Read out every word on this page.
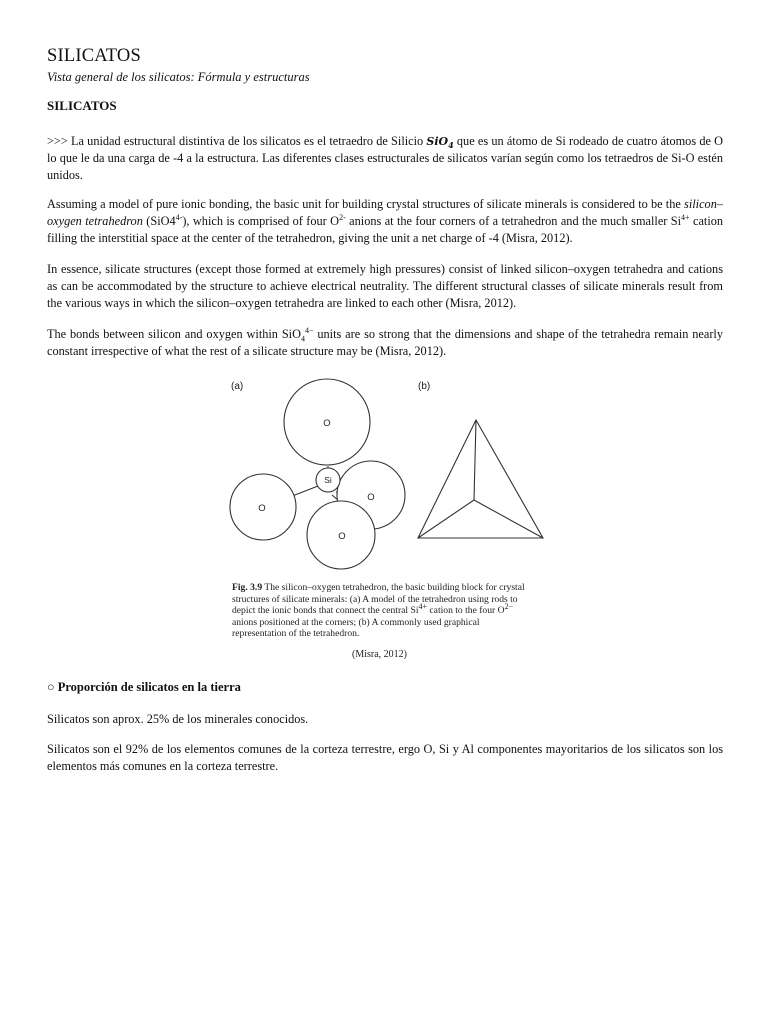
SILICATOS
Vista general de los silicatos: Fórmula y estructuras
SILICATOS

>>> La unidad estructural distintiva de los silicatos es el tetraedro de Silicio SiO$_4$ que es un átomo de Si rodeado de cuatro átomos de O lo que le da una carga de -4 a la estructura. Las diferentes clases estructurales de silicatos varían según como los tetraedros de Si-O estén unidos.

Assuming a model of pure ionic bonding, the basic unit for building crystal structures of silicate minerals is considered to be the silicon–oxygen tetrahedron $(SiO4^{4-})$, which is comprised of four $O^{2-}$ anions at the four corners of a tetrahedron and the much smaller $Si^{4+}$ cation filling the interstitial space at the center of the tetrahedron, giving the unit a net charge of -4 (Misra, 2012).

In essence, silicate structures (except those formed at extremely high pressures) consist of linked silicon–oxygen tetrahedra and cations as can be accommodated by the structure to achieve electrical neutrality. The different structural classes of silicate minerals result from the various ways in which the silicon–oxygen tetrahedra are linked to each other (Misra, 2012).

The bonds between silicon and oxygen within SiO$_4^{4-}$ units are so strong that the dimensions and shape of the tetrahedra remain nearly constant irrespective of what the rest of a silicate structure may be (Misra, 2012).

(a)	(b)
O
O
O
O
Si

Fig. 3.9 The silicon–oxygen tetrahedron, the basic building block for crystal structures of silicate minerals: (a) A model of the tetrahedron using rods to depict the ionic bonds that connect the central $Si^{4+}$ cation to the four $O^{2-}$ anions positioned at the corners; (b) A commonly used graphical representation of the tetrahedron.

(Misra, 2012)
○ Proporción de silicatos en la tierra

Silicatos son aprox. 25% de los minerales conocidos.

Silicatos son el 92% de los elementos comunes de la corteza terrestre, ergo O, Si y Al componentes mayoritarios de los silicatos son los elementos más comunes en la corteza terrestre.
